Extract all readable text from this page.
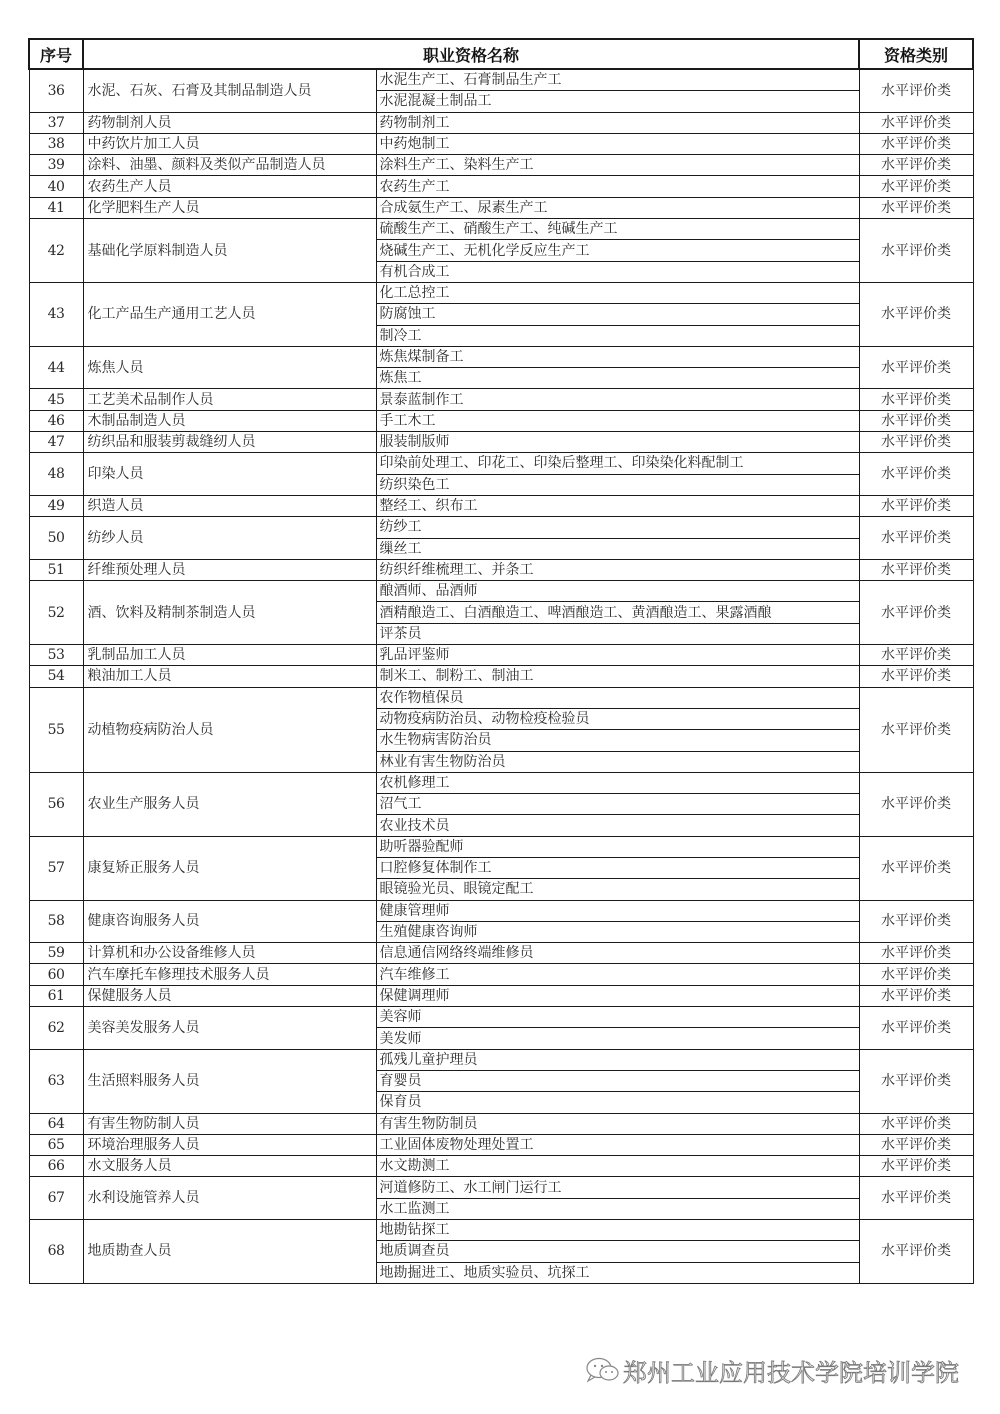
序号	职业资格名称		资格类别
36	水泥、石灰、石膏及其制品制造人员	水泥生产工、石膏制品生产工	水平评价类
		水泥混凝土制品工	
37	药物制剂人员	药物制剂工	水平评价类
38	中药饮片加工人员	中药炮制工	水平评价类
39	涂料、油墨、颜料及类似产品制造人员	涂料生产工、染料生产工	水平评价类
40	农药生产人员	农药生产工	水平评价类
41	化学肥料生产人员	合成氨生产工、尿素生产工	水平评价类
42	基础化学原料制造人员	硫酸生产工、硝酸生产工、纯碱生产工	水平评价类
		烧碱生产工、无机化学反应生产工	
		有机合成工	
43	化工产品生产通用工艺人员	化工总控工	水平评价类
		防腐蚀工	
		制冷工	
44	炼焦人员	炼焦煤制备工	水平评价类
		炼焦工	
45	工艺美术品制作人员	景泰蓝制作工	水平评价类
46	木制品制造人员	手工木工	水平评价类
47	纺织品和服装剪裁缝纫人员	服装制版师	水平评价类
48	印染人员	印染前处理工、印花工、印染后整理工、印染染化料配制工	水平评价类
		纺织染色工	
49	织造人员	整经工、织布工	水平评价类
50	纺纱人员	纺纱工	水平评价类
		缫丝工	
51	纤维预处理人员	纺织纤维梳理工、并条工	水平评价类
52	酒、饮料及精制茶制造人员	酿酒师、品酒师	水平评价类
		酒精酿造工、白酒酿造工、啤酒酿造工、黄酒酿造工、果露酒酿	
		评茶员	
53	乳制品加工人员	乳品评鉴师	水平评价类
54	粮油加工人员	制米工、制粉工、制油工	水平评价类
55	动植物疫病防治人员	农作物植保员	水平评价类
		动物疫病防治员、动物检疫检验员	
		水生物病害防治员	
		林业有害生物防治员	
56	农业生产服务人员	农机修理工	水平评价类
		沼气工	
		农业技术员	
57	康复矫正服务人员	助听器验配师	水平评价类
		口腔修复体制作工	
		眼镜验光员、眼镜定配工	
58	健康咨询服务人员	健康管理师	水平评价类
		生殖健康咨询师	
59	计算机和办公设备维修人员	信息通信网络终端维修员	水平评价类
60	汽车摩托车修理技术服务人员	汽车维修工	水平评价类
61	保健服务人员	保健调理师	水平评价类
62	美容美发服务人员	美容师	水平评价类
		美发师	
63	生活照料服务人员	孤残儿童护理员	水平评价类
		育婴员	
		保育员	
64	有害生物防制人员	有害生物防制员	水平评价类
65	环境治理服务人员	工业固体废物处理处置工	水平评价类
66	水文服务人员	水文勘测工	水平评价类
67	水利设施管养人员	河道修防工、水工闸门运行工	水平评价类
		水工监测工	
68	地质勘查人员	地勘钻探工	水平评价类
		地质调查员	
		地勘掘进工、地质实验员、坑探工	
郑州工业应用技术学院培训学院
